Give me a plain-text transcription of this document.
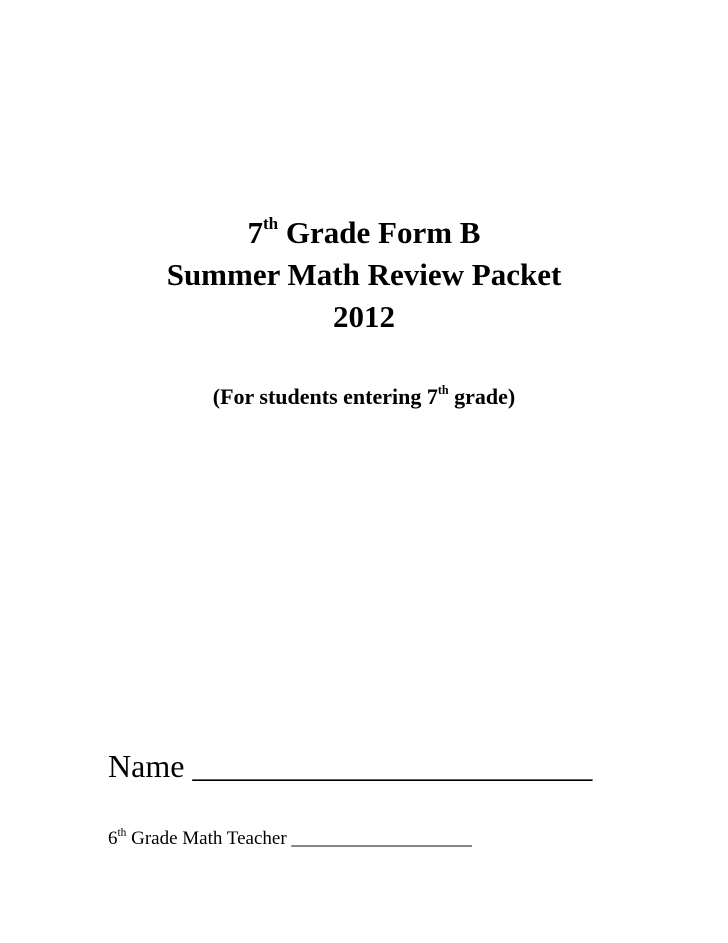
7th Grade Form B
Summer Math Review Packet
2012
(For students entering 7th grade)
Name _________________________
6th Grade Math Teacher ___________________
